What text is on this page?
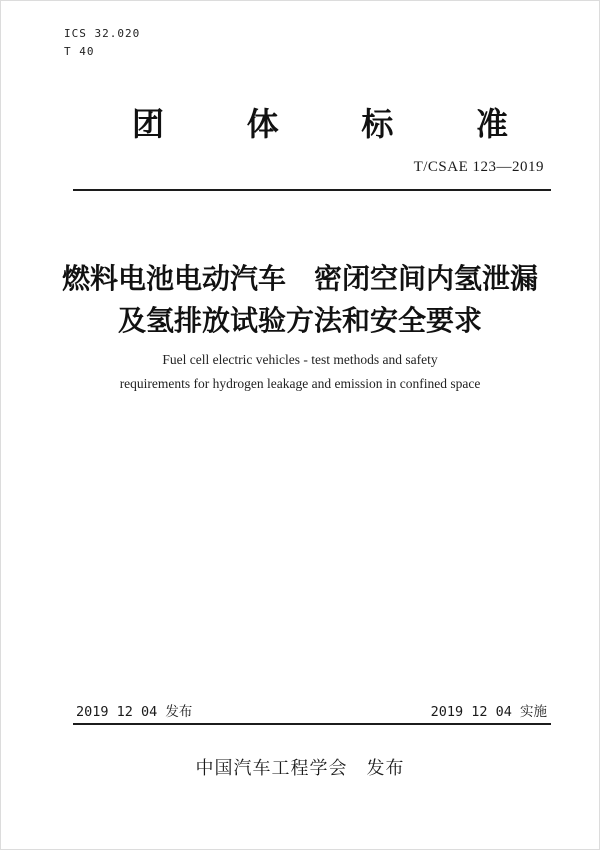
ICS 32.020
T 40
团	体	标	准
T/CSAE 123—2019
燃料电池电动汽车　密闭空间内氢泄漏
及氢排放试验方法和安全要求
Fuel cell electric vehicles - test methods and safety
requirements for hydrogen leakage and emission in confined space
2019 12 04 发布	2019 12 04 实施
中国汽车工程学会　发布
